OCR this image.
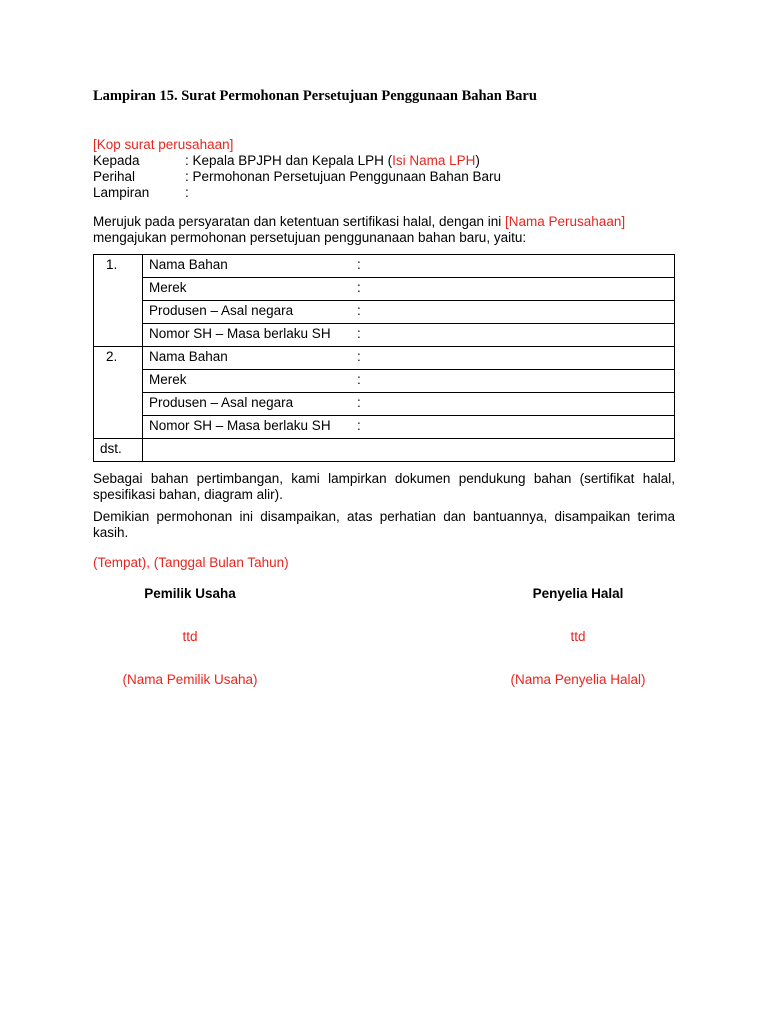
Lampiran 15. Surat Permohonan Persetujuan Penggunaan Bahan Baru
[Kop surat perusahaan]
Kepada	: Kepala BPJPH dan Kepala LPH (Isi Nama LPH)
Perihal	: Permohonan Persetujuan Penggunaan Bahan Baru
Lampiran	:
Merujuk pada persyaratan dan ketentuan sertifikasi halal, dengan ini [Nama Perusahaan]
mengajukan permohonan persetujuan penggunanaan bahan baru, yaitu:
1.	Nama Bahan :
	Merek :
	Produsen – Asal negara :
	Nomor SH – Masa berlaku SH :
2.	Nama Bahan :
	Merek :
	Produsen – Asal negara :
	Nomor SH – Masa berlaku SH :
dst.	
Sebagai bahan pertimbangan, kami lampirkan dokumen pendukung bahan (sertifikat halal, spesifikasi bahan, diagram alir).
Demikian permohonan ini disampaikan, atas perhatian dan bantuannya, disampaikan terima kasih.
(Tempat), (Tanggal Bulan Tahun)
Pemilik Usaha
ttd
(Nama Pemilik Usaha)
Penyelia Halal
ttd
(Nama Penyelia Halal)
